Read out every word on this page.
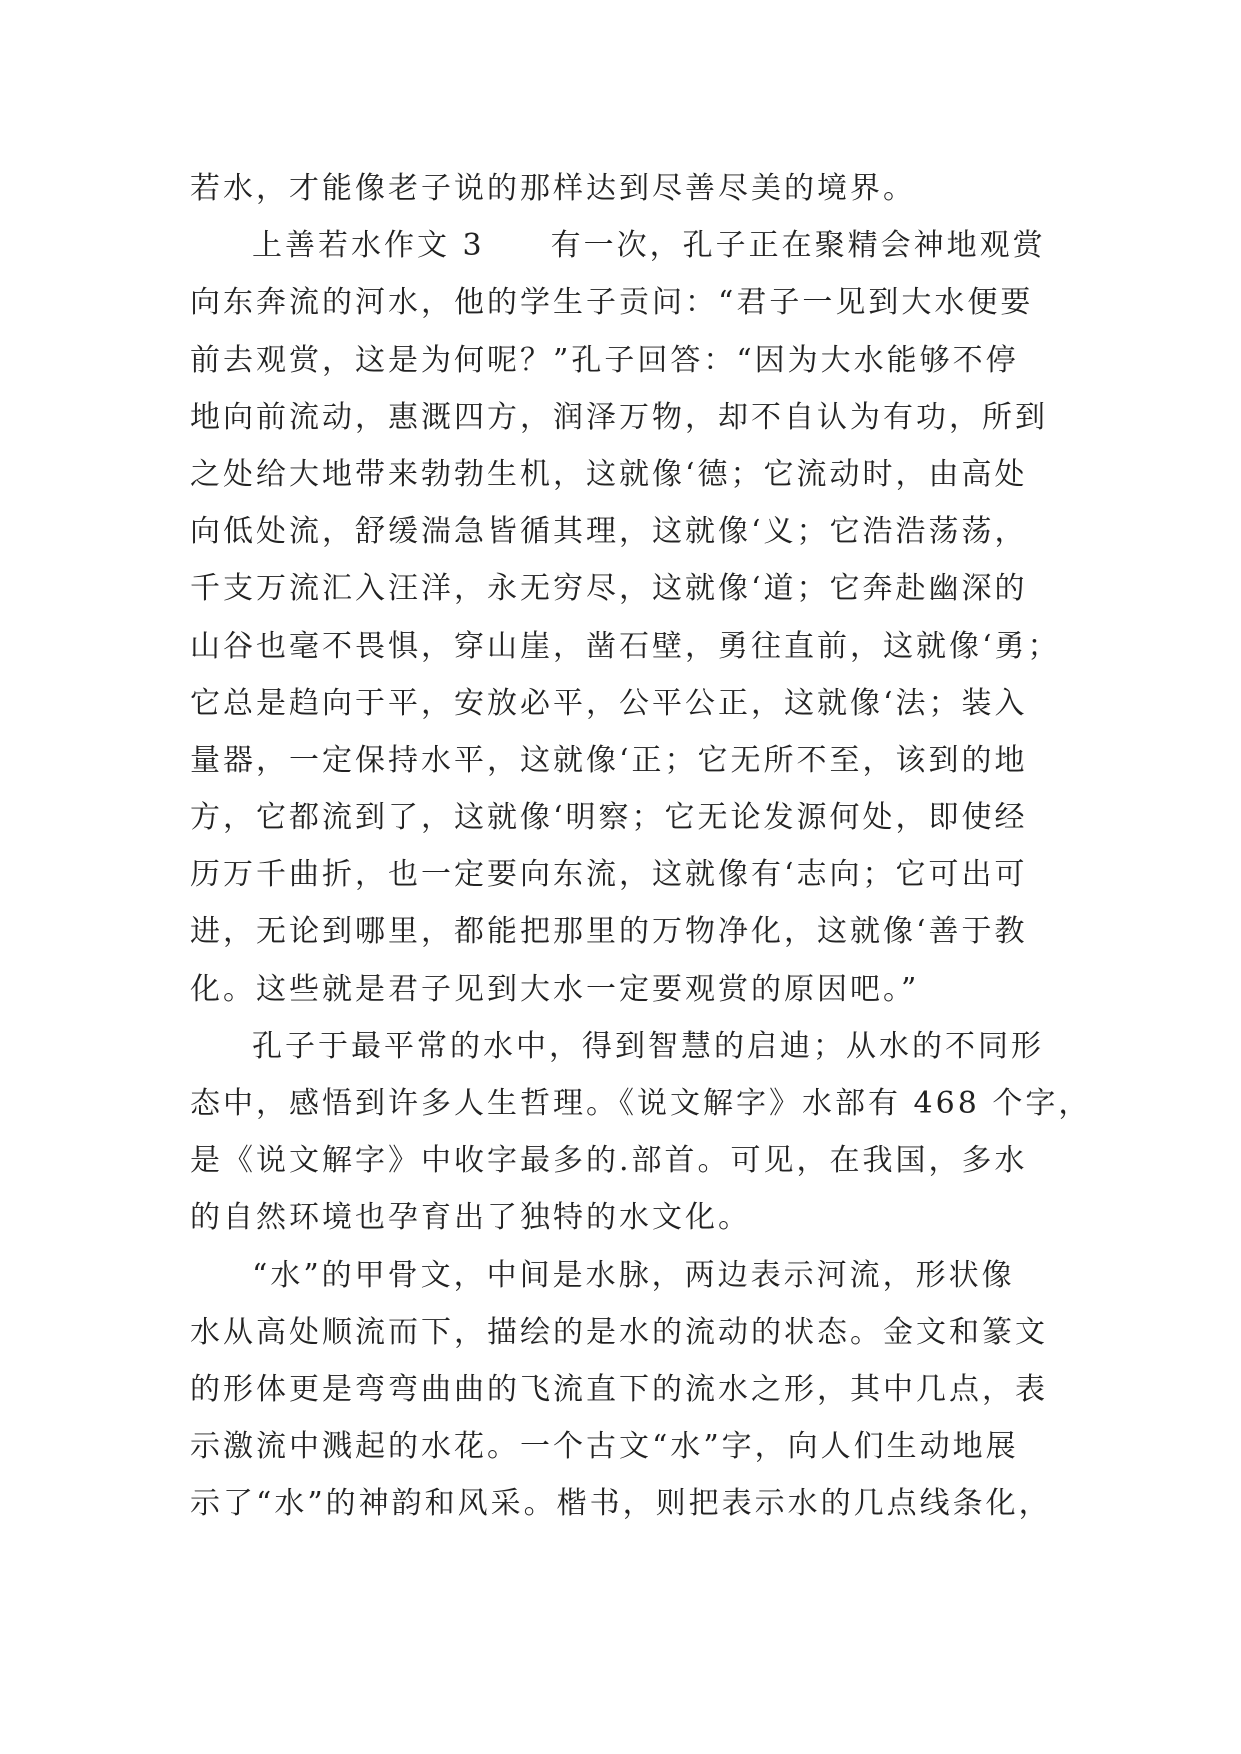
若水，才能像老子说的那样达到尽善尽美的境界。
上善若水作文 3　　有一次，孔子正在聚精会神地观赏
向东奔流的河水，他的学生子贡问：“君子一见到大水便要
前去观赏，这是为何呢？”孔子回答：“因为大水能够不停
地向前流动，惠溉四方，润泽万物，却不自认为有功，所到
之处给大地带来勃勃生机，这就像‘德；它流动时，由高处
向低处流，舒缓湍急皆循其理，这就像‘义；它浩浩荡荡，
千支万流汇入汪洋，永无穷尽，这就像‘道；它奔赴幽深的
山谷也毫不畏惧，穿山崖，凿石壁，勇往直前，这就像‘勇；
它总是趋向于平，安放必平，公平公正，这就像‘法；装入
量器，一定保持水平，这就像‘正；它无所不至，该到的地
方，它都流到了，这就像‘明察；它无论发源何处，即使经
历万千曲折，也一定要向东流，这就像有‘志向；它可出可
进，无论到哪里，都能把那里的万物净化，这就像‘善于教
化。这些就是君子见到大水一定要观赏的原因吧。”
孔子于最平常的水中，得到智慧的启迪；从水的不同形
态中，感悟到许多人生哲理。《说文解字》水部有 468 个字，
是《说文解字》中收字最多的.部首。可见，在我国，多水
的自然环境也孕育出了独特的水文化。
“水”的甲骨文，中间是水脉，两边表示河流，形状像
水从高处顺流而下，描绘的是水的流动的状态。金文和篆文
的形体更是弯弯曲曲的飞流直下的流水之形，其中几点，表
示激流中溅起的水花。一个古文“水”字，向人们生动地展
示了“水”的神韵和风采。楷书，则把表示水的几点线条化，
